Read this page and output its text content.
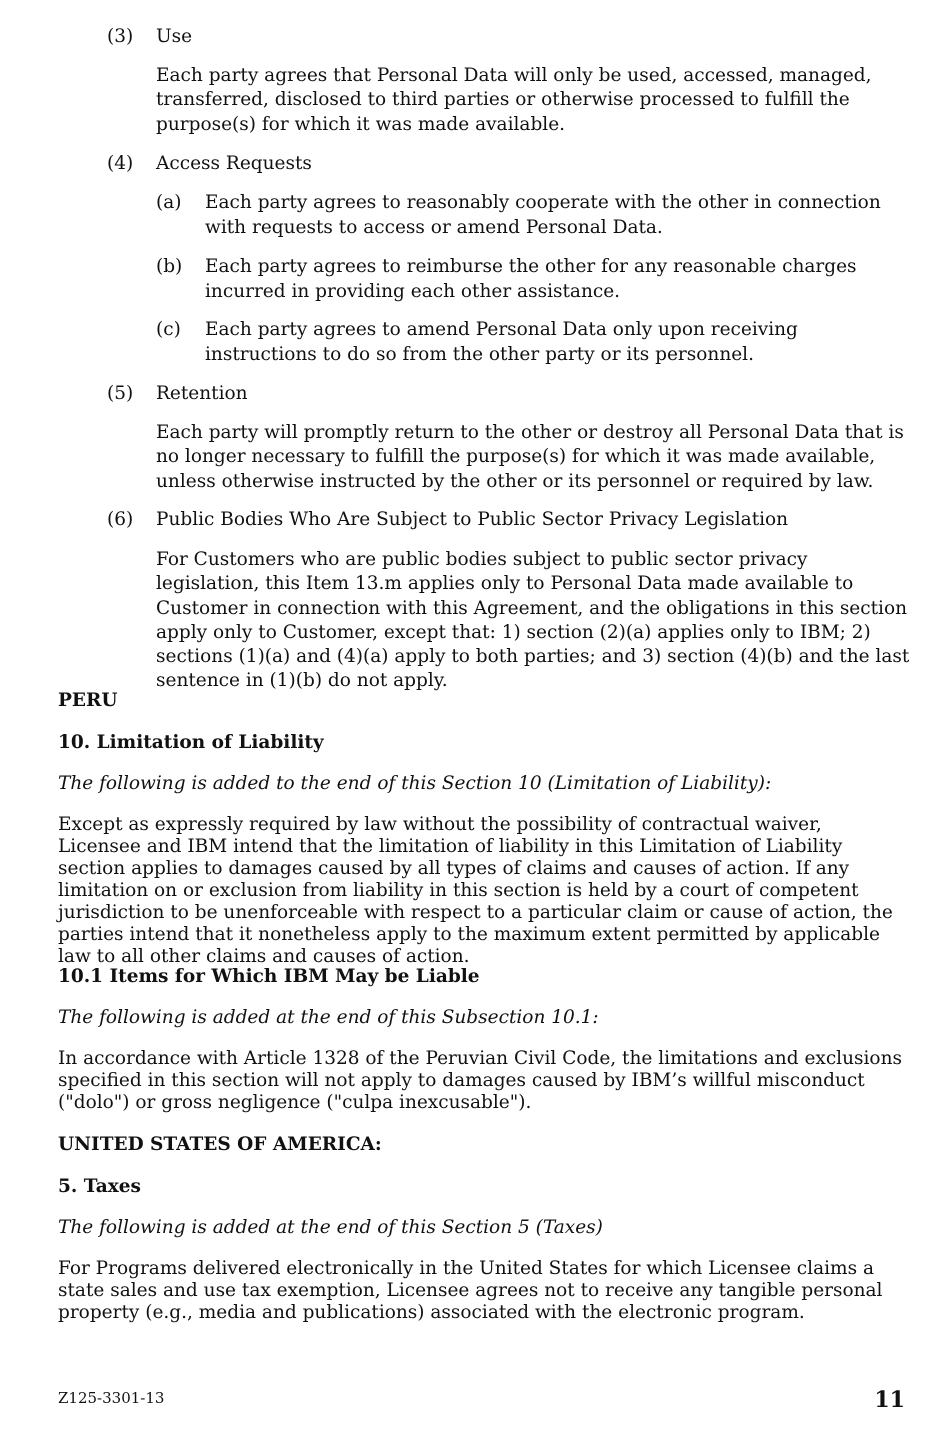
(3) Use

Each party agrees that Personal Data will only be used, accessed, managed, transferred, disclosed to third parties or otherwise processed to fulfill the purpose(s) for which it was made available.

(4) Access Requests
(a) Each party agrees to reasonably cooperate with the other in connection with requests to access or amend Personal Data.

(b) Each party agrees to reimburse the other for any reasonable charges incurred in providing each other assistance.

(c) Each party agrees to amend Personal Data only upon receiving instructions to do so from the other party or its personnel.

(5) Retention

Each party will promptly return to the other or destroy all Personal Data that is no longer necessary to fulfill the purpose(s) for which it was made available, unless otherwise instructed by the other or its personnel or required by law.

(6) Public Bodies Who Are Subject to Public Sector Privacy Legislation

For Customers who are public bodies subject to public sector privacy legislation, this Item 13.m applies only to Personal Data made available to Customer in connection with this Agreement, and the obligations in this section apply only to Customer, except that: 1) section (2)(a) applies only to IBM; 2) sections (1)(a) and (4)(a) apply to both parties; and 3) section (4)(b) and the last sentence in (1)(b) do not apply.

PERU
10. Limitation of Liability
The following is added to the end of this Section 10 (Limitation of Liability):

Except as expressly required by law without the possibility of contractual waiver, Licensee and IBM intend that the limitation of liability in this Limitation of Liability section applies to damages caused by all types of claims and causes of action. If any limitation on or exclusion from liability in this section is held by a court of competent jurisdiction to be unenforceable with respect to a particular claim or cause of action, the parties intend that it nonetheless apply to the maximum extent permitted by applicable law to all other claims and causes of action.

10.1 Items for Which IBM May be Liable
The following is added at the end of this Subsection 10.1:

In accordance with Article 1328 of the Peruvian Civil Code, the limitations and exclusions specified in this section will not apply to damages caused by IBM’s willful misconduct ("dolo") or gross negligence ("culpa inexcusable").

UNITED STATES OF AMERICA:
5. Taxes
The following is added at the end of this Section 5 (Taxes)

For Programs delivered electronically in the United States for which Licensee claims a state sales and use tax exemption, Licensee agrees not to receive any tangible personal property (e.g., media and publications) associated with the electronic program.

Z125-3301-13	11
